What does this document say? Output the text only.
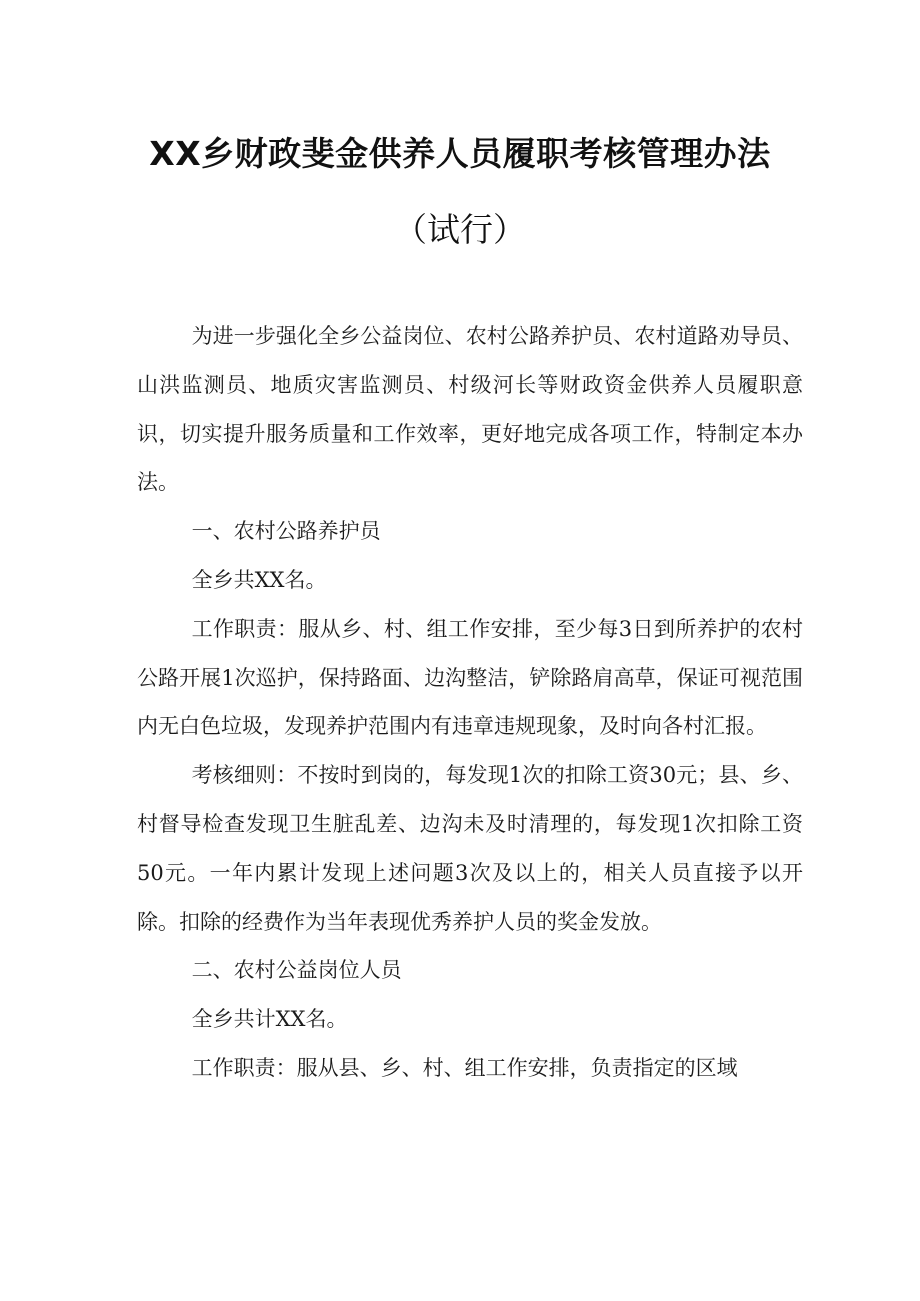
XX乡财政斐金供养人员履职考核管理办法
（试行）

为进一步强化全乡公益岗位、农村公路养护员、农村道路劝导员、山洪监测员、地质灾害监测员、村级河长等财政资金供养人员履职意识，切实提升服务质量和工作效率，更好地完成各项工作，特制定本办法。

一、农村公路养护员

全乡共XX名。

工作职责：服从乡、村、组工作安排，至少每3日到所养护的农村公路开展1次巡护，保持路面、边沟整洁，铲除路肩高草，保证可视范围内无白色垃圾，发现养护范围内有违章违规现象，及时向各村汇报。

考核细则：不按时到岗的，每发现1次的扣除工资30元；县、乡、村督导检查发现卫生脏乱差、边沟未及时清理的，每发现1次扣除工资50元。一年内累计发现上述问题3次及以上的，相关人员直接予以开除。扣除的经费作为当年表现优秀养护人员的奖金发放。

二、农村公益岗位人员

全乡共计XX名。

工作职责：服从县、乡、村、组工作安排，负责指定的区域
